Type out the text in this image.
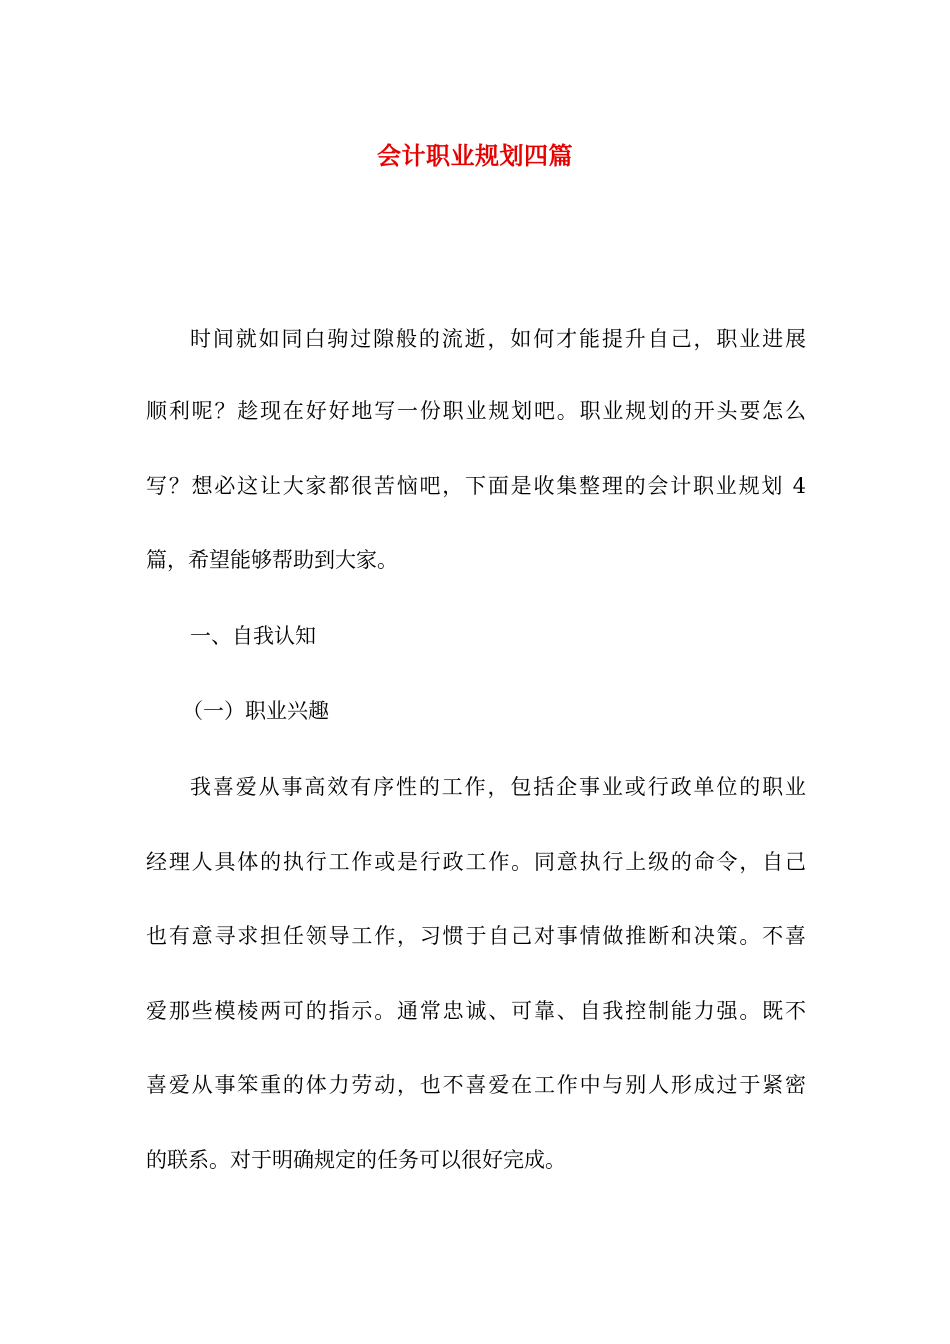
会计职业规划四篇
时间就如同白驹过隙般的流逝，如何才能提升自己，职业进展
顺利呢？趁现在好好地写一份职业规划吧。职业规划的开头要怎么
写？想必这让大家都很苦恼吧，下面是收集整理的会计职业规划 4
篇，希望能够帮助到大家。
一、自我认知
（一）职业兴趣
我喜爱从事高效有序性的工作，包括企事业或行政单位的职业
经理人具体的执行工作或是行政工作。同意执行上级的命令，自己
也有意寻求担任领导工作，习惯于自己对事情做推断和决策。不喜
爱那些模棱两可的指示。通常忠诚、可靠、自我控制能力强。既不
喜爱从事笨重的体力劳动，也不喜爱在工作中与别人形成过于紧密
的联系。对于明确规定的任务可以很好完成。
